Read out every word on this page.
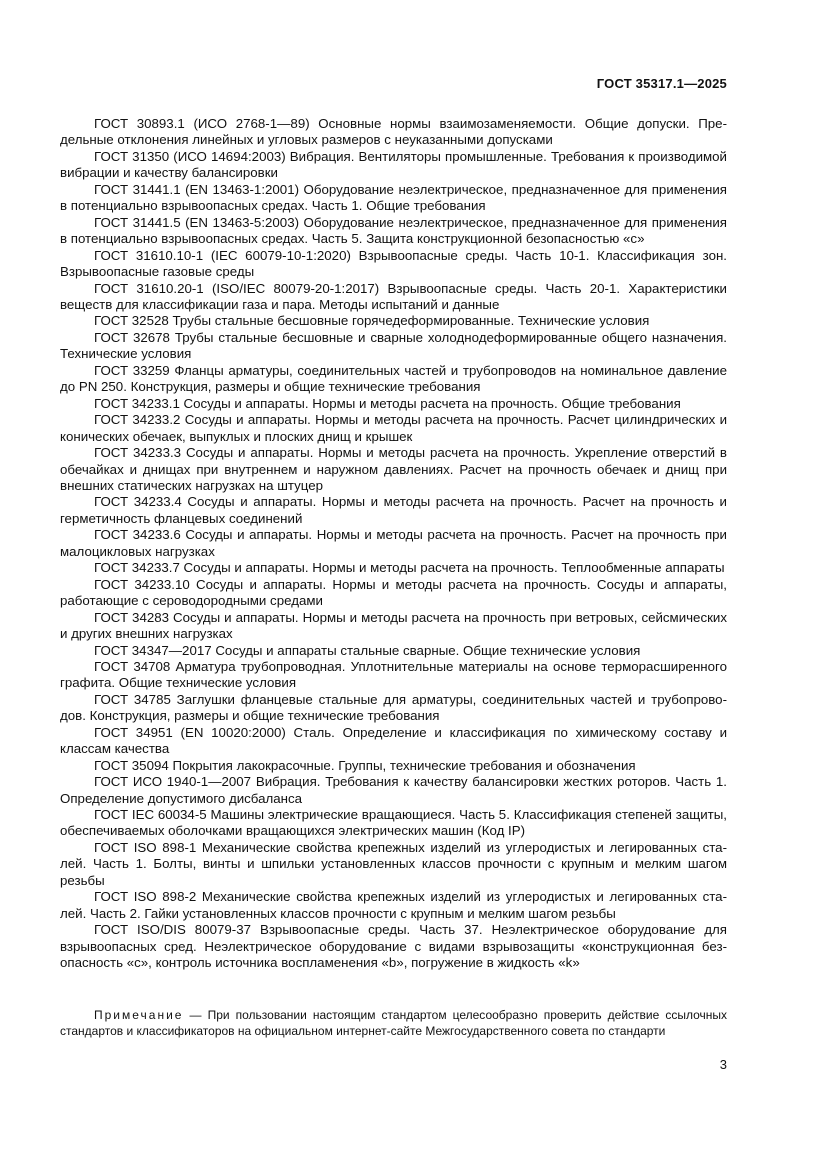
ГОСТ 35317.1—2025

ГОСТ 30893.1 (ИСО 2768-1—89) Основные нормы взаимозаменяемости. Общие допуски. Предельные отклонения линейных и угловых размеров с неуказанными допусками

ГОСТ 31350 (ИСО 14694:2003) Вибрация. Вентиляторы промышленные. Требования к производимой вибрации и качеству балансировки

ГОСТ 31441.1 (EN 13463-1:2001) Оборудование неэлектрическое, предназначенное для применения в потенциально взрывоопасных средах. Часть 1. Общие требования

ГОСТ 31441.5 (EN 13463-5:2003) Оборудование неэлектрическое, предназначенное для применения в потенциально взрывоопасных средах. Часть 5. Защита конструкционной безопасностью «с»

ГОСТ 31610.10-1 (IEC 60079-10-1:2020) Взрывоопасные среды. Часть 10-1. Классификация зон. Взрывоопасные газовые среды

ГОСТ 31610.20-1 (ISO/IEC 80079-20-1:2017) Взрывоопасные среды. Часть 20-1. Характеристики веществ для классификации газа и пара. Методы испытаний и данные

ГОСТ 32528 Трубы стальные бесшовные горячедеформированные. Технические условия

ГОСТ 32678 Трубы стальные бесшовные и сварные холоднодеформированные общего назначения. Технические условия

ГОСТ 33259 Фланцы арматуры, соединительных частей и трубопроводов на номинальное давление до PN 250. Конструкция, размеры и общие технические требования

ГОСТ 34233.1 Сосуды и аппараты. Нормы и методы расчета на прочность. Общие требования

ГОСТ 34233.2 Сосуды и аппараты. Нормы и методы расчета на прочность. Расчет цилиндрических и конических обечаек, выпуклых и плоских днищ и крышек

ГОСТ 34233.3 Сосуды и аппараты. Нормы и методы расчета на прочность. Укрепление отверстий в обечайках и днищах при внутреннем и наружном давлениях. Расчет на прочность обечаек и днищ при внешних статических нагрузках на штуцер

ГОСТ 34233.4 Сосуды и аппараты. Нормы и методы расчета на прочность. Расчет на прочность и герметичность фланцевых соединений

ГОСТ 34233.6 Сосуды и аппараты. Нормы и методы расчета на прочность. Расчет на прочность при малоцикловых нагрузках

ГОСТ 34233.7 Сосуды и аппараты. Нормы и методы расчета на прочность. Теплообменные аппараты

ГОСТ 34233.10 Сосуды и аппараты. Нормы и методы расчета на прочность. Сосуды и аппараты, работающие с сероводородными средами

ГОСТ 34283 Сосуды и аппараты. Нормы и методы расчета на прочность при ветровых, сейсмических и других внешних нагрузках

ГОСТ 34347—2017 Сосуды и аппараты стальные сварные. Общие технические условия

ГОСТ 34708 Арматура трубопроводная. Уплотнительные материалы на основе терморасширенного графита. Общие технические условия

ГОСТ 34785 Заглушки фланцевые стальные для арматуры, соединительных частей и трубопроводов. Конструкция, размеры и общие технические требования

ГОСТ 34951 (EN 10020:2000) Сталь. Определение и классификация по химическому составу и классам качества

ГОСТ 35094 Покрытия лакокрасочные. Группы, технические требования и обозначения

ГОСТ ИСО 1940-1—2007 Вибрация. Требования к качеству балансировки жестких роторов. Часть 1. Определение допустимого дисбаланса

ГОСТ IEC 60034-5 Машины электрические вращающиеся. Часть 5. Классификация степеней защиты, обеспечиваемых оболочками вращающихся электрических машин (Код IP)

ГОСТ ISO 898-1 Механические свойства крепежных изделий из углеродистых и легированных сталей. Часть 1. Болты, винты и шпильки установленных классов прочности с крупным и мелким шагом резьбы

ГОСТ ISO 898-2 Механические свойства крепежных изделий из углеродистых и легированных сталей. Часть 2. Гайки установленных классов прочности с крупным и мелким шагом резьбы

ГОСТ ISO/DIS 80079-37 Взрывоопасные среды. Часть 37. Неэлектрическое оборудование для взрывоопасных сред. Неэлектрическое оборудование с видами взрывозащиты «конструкционная безопасность «с», контроль источника воспламенения «b», погружение в жидкость «k»

Примечание — При пользовании настоящим стандартом целесообразно проверить действие ссылочных стандартов и классификаторов на официальном интернет-сайте Межгосударственного совета по стандарти

3
